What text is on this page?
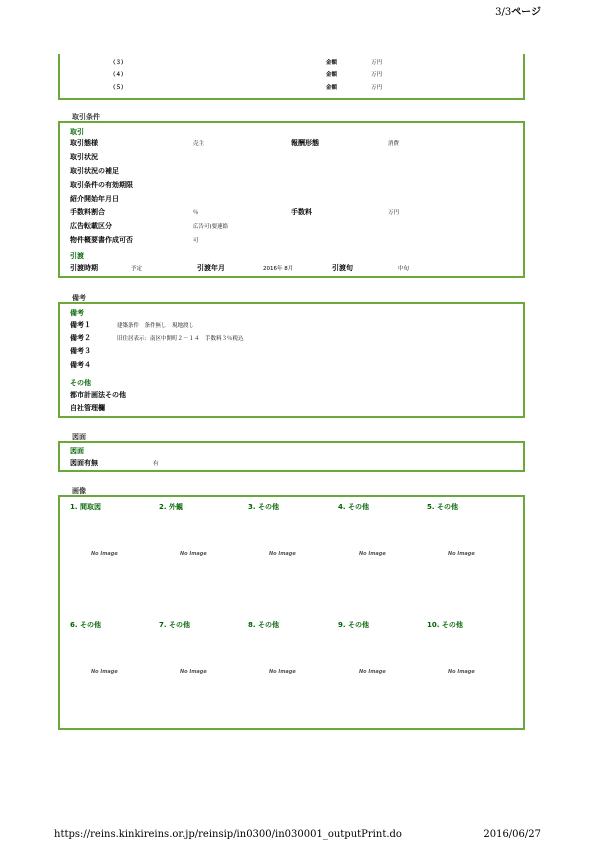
3/3ページ
（３）	金額	万円
（４）	金額	万円
（５）	金額	万円
取引条件
取引
取引態様	売主	報酬形態	消費
取引状況
取引状況の補足
取引条件の有効期限
紹介開始年月日
手数料割合	％	手数料	万円
広告転載区分	広告可(要連絡
物件概要書作成可否	可
引渡
引渡時期	予定	引渡年月	2016年 8月	引渡旬	中旬
備考
備考
備考１	建築条件　条件無し　現地渡し
備考２	旧住居表示：南区中開町２－１４　手数料３％税込
備考３
備考４
その他
都市計画法その他
自社管理欄
図面
図面
図面有無	有
画像
1. 間取図	2. 外観	3. その他	4. その他	5. その他
No Image	No Image	No Image	No Image	No Image
6. その他	7. その他	8. その他	9. その他	10. その他
No Image	No Image	No Image	No Image	No Image
https://reins.kinkireins.or.jp/reinsip/in0300/in030001_outputPrint.do	2016/06/27
